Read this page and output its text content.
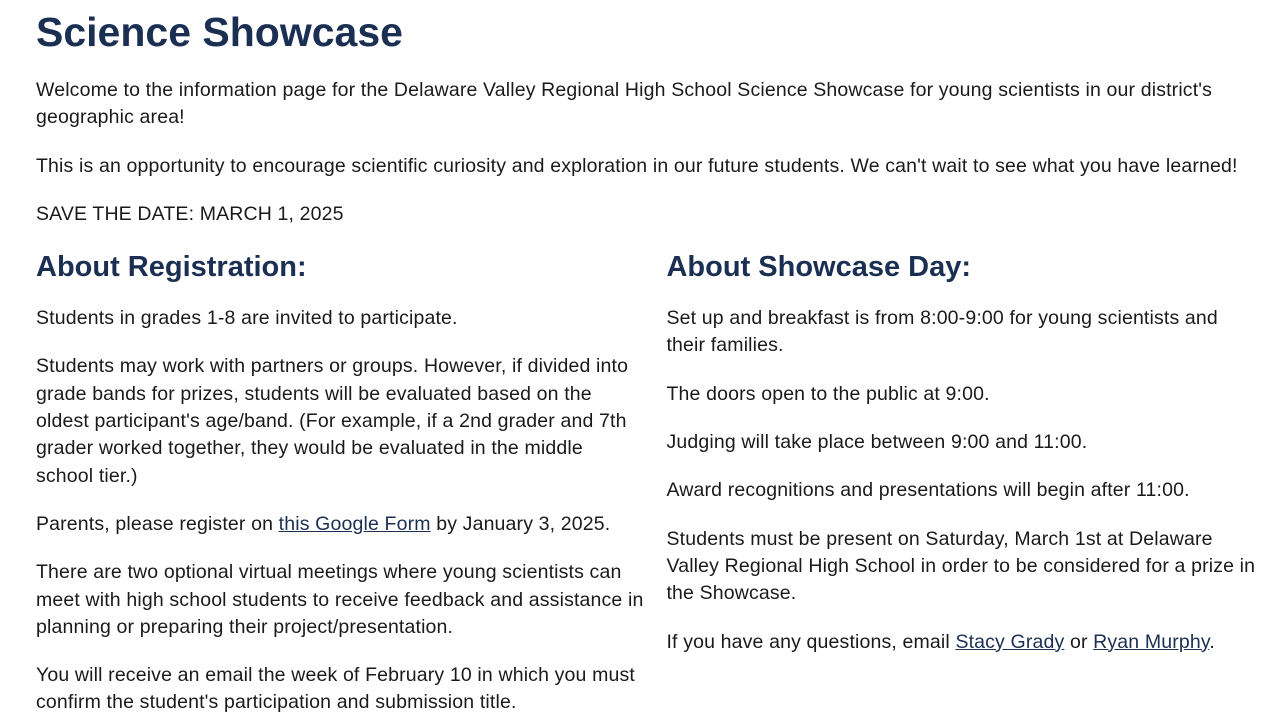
Science Showcase

Welcome to the information page for the Delaware Valley Regional High School Science Showcase for young scientists in our district's geographic area!

This is an opportunity to encourage scientific curiosity and exploration in our future students. We can't wait to see what you have learned!

SAVE THE DATE: MARCH 1, 2025

About Registration:

Students in grades 1-8 are invited to participate.

Students may work with partners or groups. However, if divided into grade bands for prizes, students will be evaluated based on the oldest participant's age/band. (For example, if a 2nd grader and 7th grader worked together, they would be evaluated in the middle school tier.)

Parents, please register on this Google Form by January 3, 2025.

There are two optional virtual meetings where young scientists can meet with high school students to receive feedback and assistance in planning or preparing their project/presentation.

You will receive an email the week of February 10 in which you must confirm the student's participation and submission title.

About Showcase Day:

Set up and breakfast is from 8:00-9:00 for young scientists and their families.

The doors open to the public at 9:00.

Judging will take place between 9:00 and 11:00.

Award recognitions and presentations will begin after 11:00.

Students must be present on Saturday, March 1st at Delaware Valley Regional High School in order to be considered for a prize in the Showcase.

If you have any questions, email Stacy Grady or Ryan Murphy.
